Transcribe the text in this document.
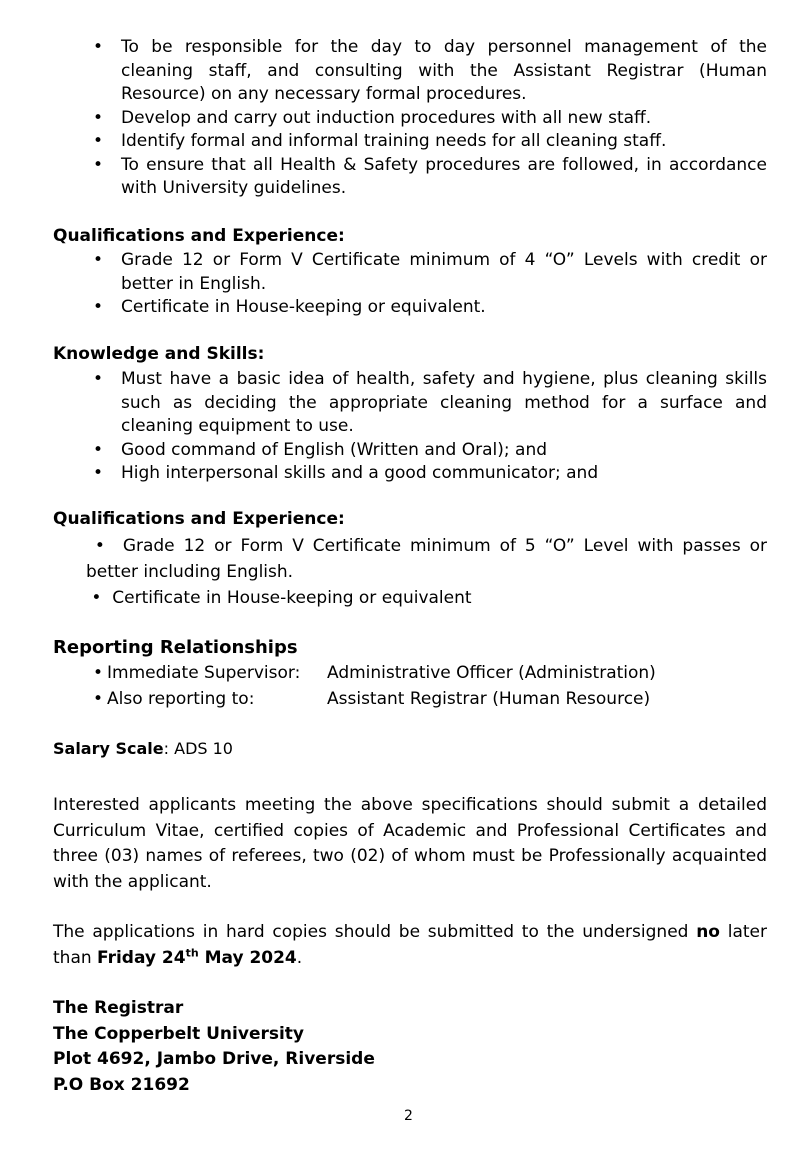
• To be responsible for the day to day personnel management of the cleaning staff, and consulting with the Assistant Registrar (Human Resource) on any necessary formal procedures.
• Develop and carry out induction procedures with all new staff.
• Identify formal and informal training needs for all cleaning staff.
• To ensure that all Health & Safety procedures are followed, in accordance with University guidelines.
Qualifications and Experience:
• Grade 12 or Form V Certificate minimum of 4 “O” Levels with credit or better in English.
• Certificate in House-keeping or equivalent.
Knowledge and Skills:
• Must have a basic idea of health, safety and hygiene, plus cleaning skills such as deciding the appropriate cleaning method for a surface and cleaning equipment to use.
• Good command of English (Written and Oral); and
• High interpersonal skills and a good communicator; and
Qualifications and Experience:
•  Grade 12 or Form V Certificate minimum of 5 “O” Level with passes or better including English.
•  Certificate in House-keeping or equivalent
Reporting Relationships
• Immediate Supervisor: Administrative Officer (Administration)
• Also reporting to:	Assistant Registrar (Human Resource)
Salary Scale: ADS 10

Interested applicants meeting the above specifications should submit a detailed Curriculum Vitae, certified copies of Academic and Professional Certificates and three (03) names of referees, two (02) of whom must be Professionally acquainted with the applicant.

The applications in hard copies should be submitted to the undersigned no later than Friday 24th May 2024.

The Registrar
The Copperbelt University
Plot 4692, Jambo Drive, Riverside
P.O Box 21692
2
